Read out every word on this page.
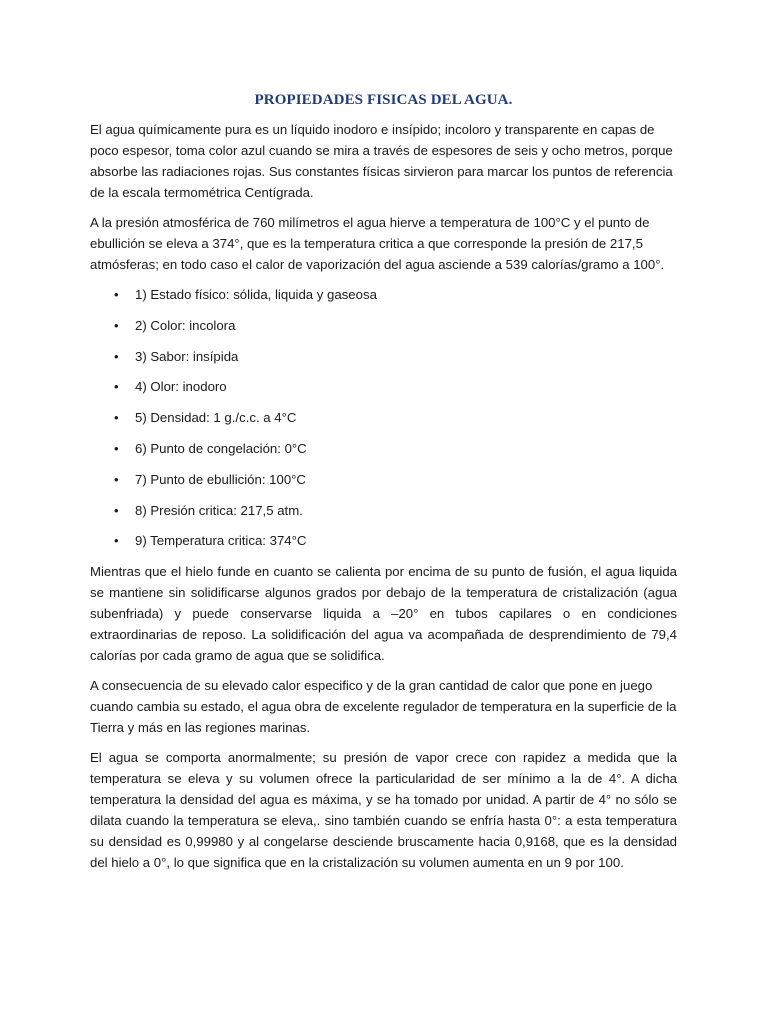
PROPIEDADES FISICAS DEL AGUA.

El agua químicamente pura es un líquido inodoro e insípido; incoloro y transparente en capas de poco espesor, toma color azul cuando se mira a través de espesores de seis y ocho metros, porque absorbe las radiaciones rojas. Sus constantes físicas sirvieron para marcar los puntos de referencia de la escala termométrica Centígrada.

A la presión atmosférica de 760 milímetros el agua hierve a temperatura de 100°C y el punto de ebullición se eleva a 374°, que es la temperatura critica a que corresponde la presión de 217,5 atmósferas; en todo caso el calor de vaporización del agua asciende a 539 calorías/gramo a 100°.

• 1) Estado físico: sólida, liquida y gaseosa
• 2) Color: incolora
• 3) Sabor: insípida
• 4) Olor: inodoro
• 5) Densidad: 1 g./c.c. a 4°C
• 6) Punto de congelación: 0°C
• 7) Punto de ebullición: 100°C
• 8) Presión critica: 217,5 atm.
• 9) Temperatura critica: 374°C

Mientras que el hielo funde en cuanto se calienta por encima de su punto de fusión, el agua liquida se mantiene sin solidificarse algunos grados por debajo de la temperatura de cristalización (agua subenfriada) y puede conservarse liquida a –20° en tubos capilares o en condiciones extraordinarias de reposo. La solidificación del agua va acompañada de desprendimiento de 79,4 calorías por cada gramo de agua que se solidifica.

A consecuencia de su elevado calor especifico y de la gran cantidad de calor que pone en juego cuando cambia su estado, el agua obra de excelente regulador de temperatura en la superficie de la Tierra y más en las regiones marinas.

El agua se comporta anormalmente; su presión de vapor crece con rapidez a medida que la temperatura se eleva y su volumen ofrece la particularidad de ser mínimo a la de 4°. A dicha temperatura la densidad del agua es máxima, y se ha tomado por unidad. A partir de 4° no sólo se dilata cuando la temperatura se eleva,. sino también cuando se enfría hasta 0°: a esta temperatura su densidad es 0,99980 y al congelarse desciende bruscamente hacia 0,9168, que es la densidad del hielo a 0°, lo que significa que en la cristalización su volumen aumenta en un 9 por 100.
